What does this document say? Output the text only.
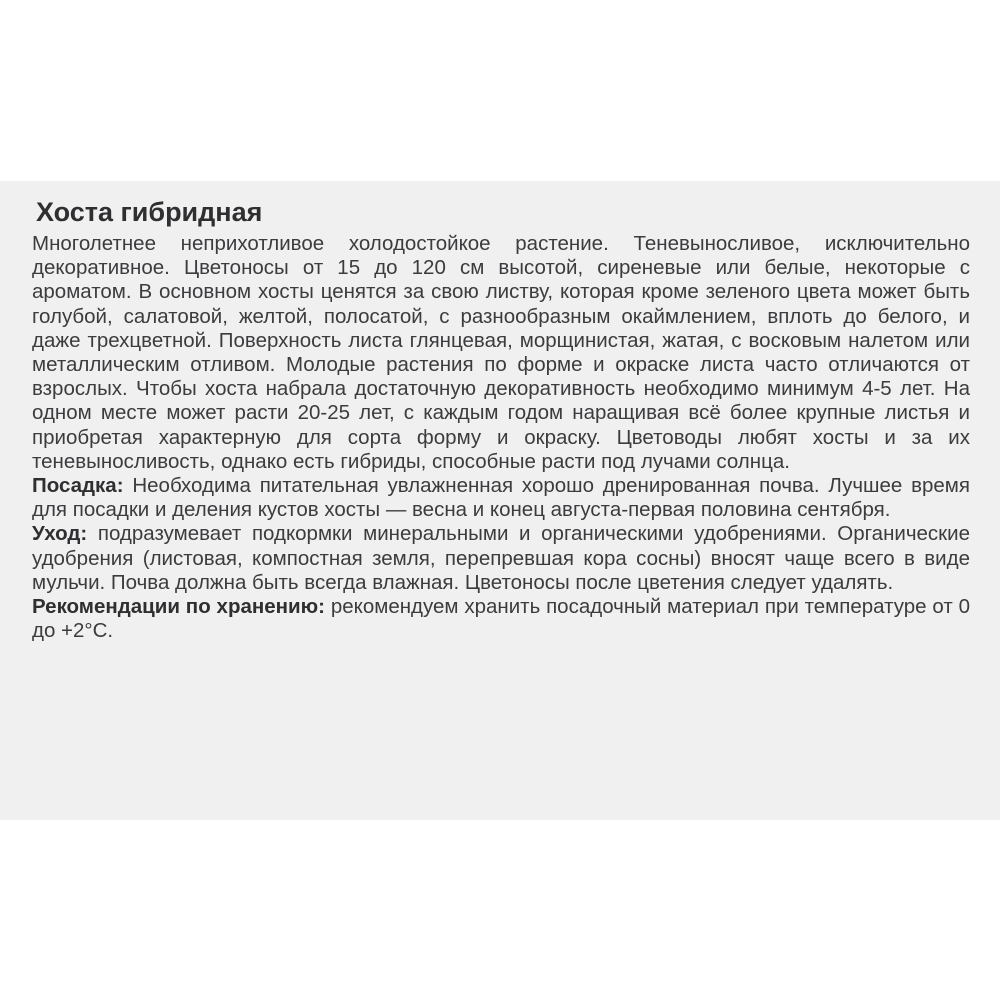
Хоста гибридная

Многолетнее неприхотливое холодостойкое растение. Теневыносливое, исключительно декоративное. Цветоносы от 15 до 120 см высотой, сиреневые или белые, некоторые с ароматом. В основном хосты ценятся за свою листву, которая кроме зеленого цвета может быть голубой, салатовой, желтой, полосатой, с разнообразным окаймлением, вплоть до белого, и даже трехцветной. Поверхность листа глянцевая, морщинистая, жатая, с восковым налетом или металлическим отливом. Молодые растения по форме и окраске листа часто отличаются от взрослых. Чтобы хоста набрала достаточную декоративность необходимо минимум 4-5 лет. На одном месте может расти 20-25 лет, с каждым годом наращивая всё более крупные листья и приобретая характерную для сорта форму и окраску. Цветоводы любят хосты и за их теневыносливость, однако есть гибриды, способные расти под лучами солнца.

Посадка: Необходима питательная увлажненная хорошо дренированная почва. Лучшее время для посадки и деления кустов хосты — весна и конец августа-первая половина сентября.

Уход: подразумевает подкормки минеральными и органическими удобрениями. Органические удобрения (листовая, компостная земля, перепревшая кора сосны) вносят чаще всего в виде мульчи. Почва должна быть всегда влажная. Цветоносы после цветения следует удалять.

Рекомендации по хранению: рекомендуем хранить посадочный материал при температуре от 0 до +2°С.
